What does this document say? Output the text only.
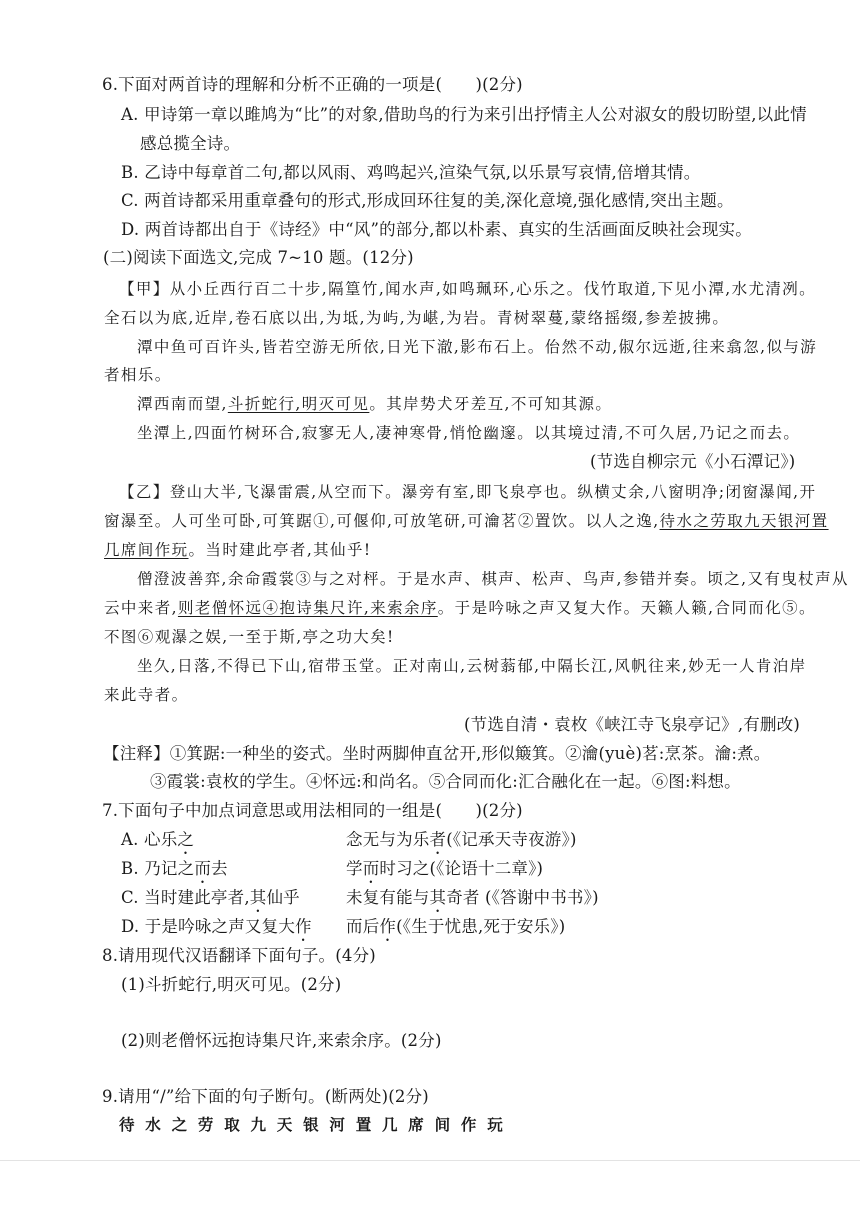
6.下面对两首诗的理解和分析不正确的一项是(　　)(2分)
A. 甲诗第一章以雎鸠为“比”的对象,借助鸟的行为来引出抒情主人公对淑女的殷切盼望,以此情
感总揽全诗。
B. 乙诗中每章首二句,都以风雨、鸡鸣起兴,渲染气氛,以乐景写哀情,倍增其情。
C. 两首诗都采用重章叠句的形式,形成回环往复的美,深化意境,强化感情,突出主题。
D. 两首诗都出自于《诗经》中“风”的部分,都以朴素、真实的生活画面反映社会现实。
(二)阅读下面选文,完成 7~10 题。(12分)
【甲】从小丘西行百二十步,隔篁竹,闻水声,如鸣珮环,心乐之。伐竹取道,下见小潭,水尤清冽。
全石以为底,近岸,卷石底以出,为坻,为屿,为嵁,为岩。青树翠蔓,蒙络摇缀,参差披拂。
潭中鱼可百许头,皆若空游无所依,日光下澈,影布石上。佁然不动,俶尔远逝,往来翕忽,似与游
者相乐。
潭西南而望,斗折蛇行,明灭可见。其岸势犬牙差互,不可知其源。
坐潭上,四面竹树环合,寂寥无人,凄神寒骨,悄怆幽邃。以其境过清,不可久居,乃记之而去。
(节选自柳宗元《小石潭记》)
【乙】登山大半,飞瀑雷震,从空而下。瀑旁有室,即飞泉亭也。纵横丈余,八窗明净;闭窗瀑闻,开
窗瀑至。人可坐可卧,可箕踞①,可偃仰,可放笔研,可瀹茗②置饮。以人之逸,待水之劳取九天银河置
几席间作玩。当时建此亭者,其仙乎!
僧澄波善弈,余命霞裳③与之对枰。于是水声、棋声、松声、鸟声,参错并奏。顷之,又有曳杖声从
云中来者,则老僧怀远④抱诗集尺许,来索余序。于是吟咏之声又复大作。天籁人籁,合同而化⑤。
不图⑥观瀑之娱,一至于斯,亭之功大矣!
坐久,日落,不得已下山,宿带玉堂。正对南山,云树蓊郁,中隔长江,风帆往来,妙无一人肯泊岸
来此寺者。
(节选自清・袁枚《峡江寺飞泉亭记》,有删改)
【注释】①箕踞:一种坐的姿式。坐时两脚伸直岔开,形似簸箕。②瀹(yuè)茗:烹茶。瀹:煮。
③霞裳:袁枚的学生。④怀远:和尚名。⑤合同而化:汇合融化在一起。⑥图:料想。
7.下面句子中加点词意思或用法相同的一组是(　　)(2分)
A. 心乐之	念无与为乐者(《记承天寺夜游》)
B. 乃记之而去	学而时习之(《论语十二章》)
C. 当时建此亭者,其仙乎	未复有能与其奇者 (《答谢中书书》)
D. 于是吟咏之声又复大作 而后作(《生于忧患,死于安乐》)
8.请用现代汉语翻译下面句子。(4分)
(1)斗折蛇行,明灭可见。(2分)
(2)则老僧怀远抱诗集尺许,来索余序。(2分)
9.请用“/”给下面的句子断句。(断两处)(2分)
待水之劳取九天银河置几席间作玩
